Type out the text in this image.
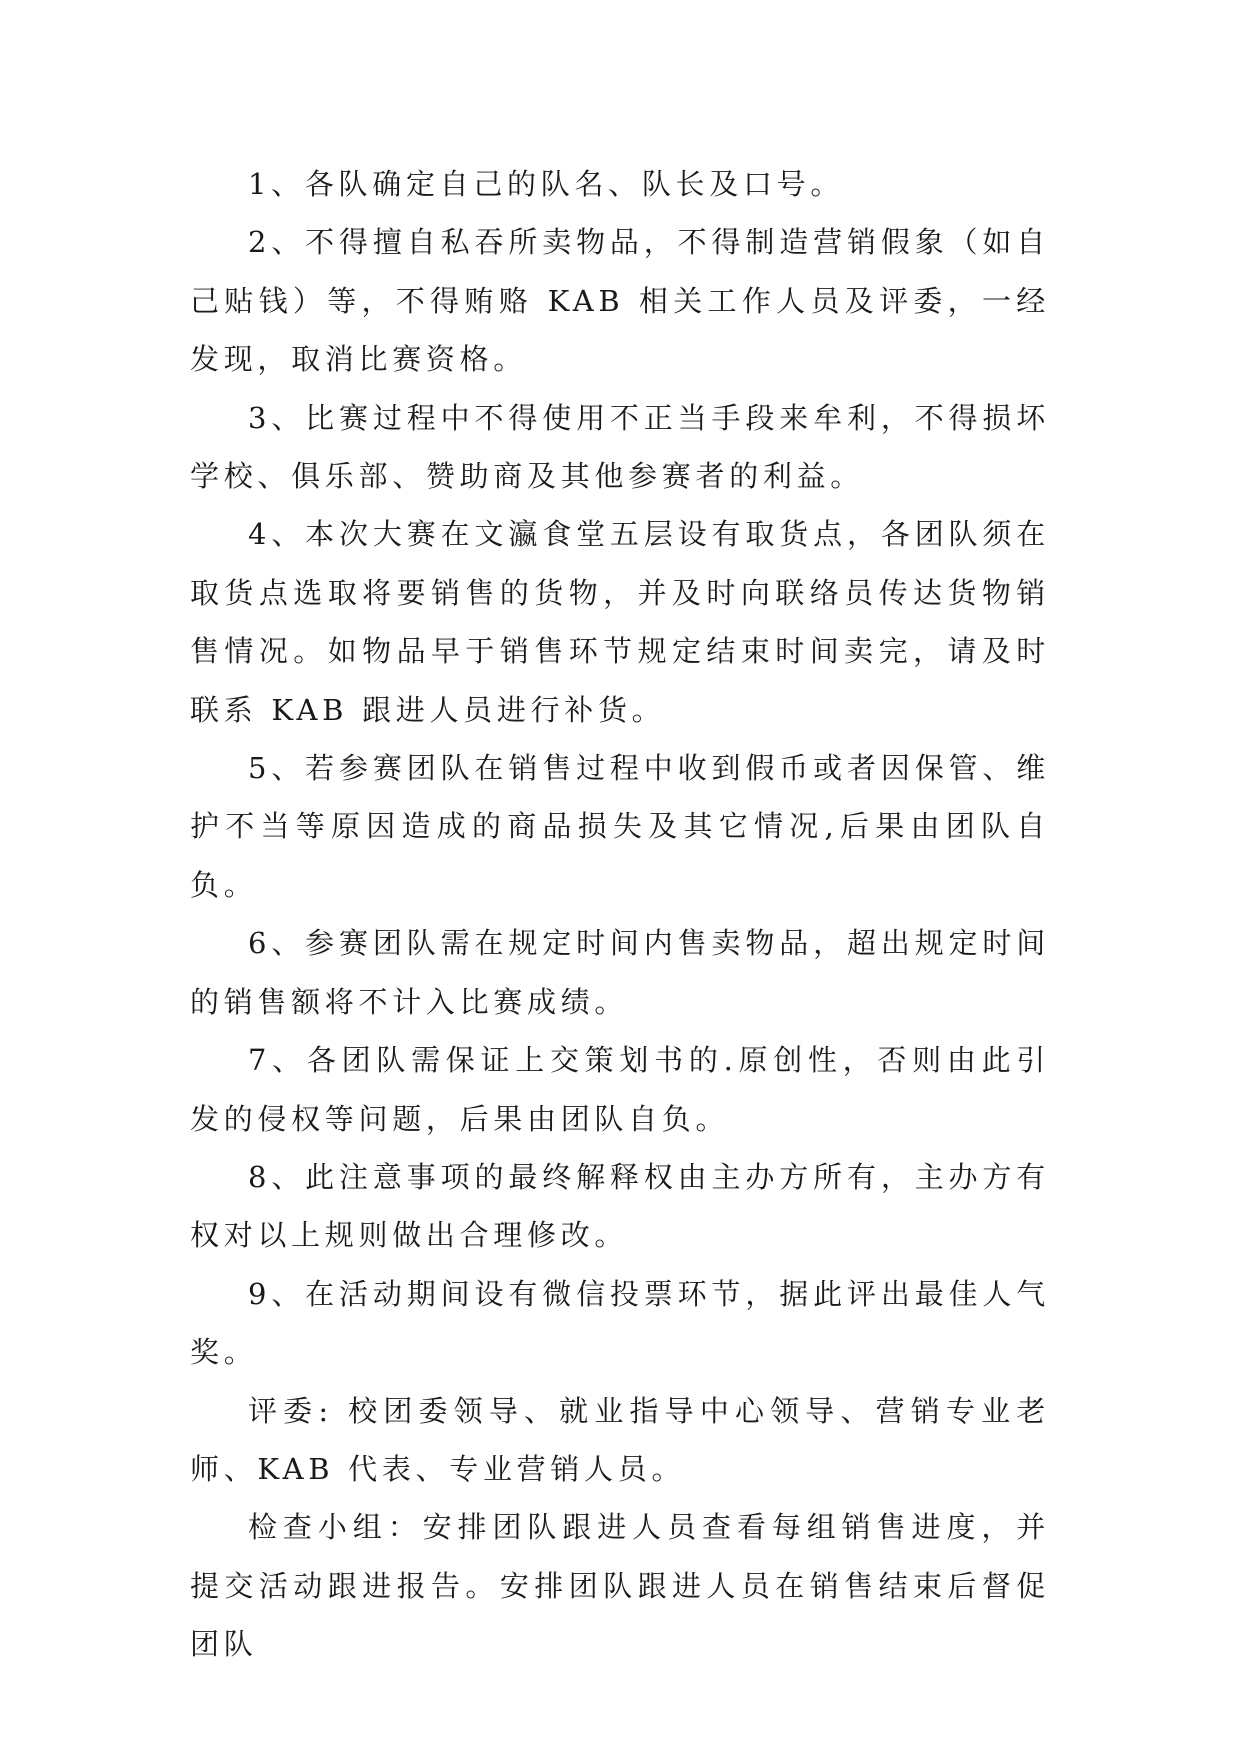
1、各队确定自己的队名、队长及口号。

2、不得擅自私吞所卖物品，不得制造营销假象（如自己贴钱）等，不得贿赂 KAB 相关工作人员及评委，一经发现，取消比赛资格。

3、比赛过程中不得使用不正当手段来牟利，不得损坏学校、俱乐部、赞助商及其他参赛者的利益。

4、本次大赛在文瀛食堂五层设有取货点，各团队须在取货点选取将要销售的货物，并及时向联络员传达货物销售情况。如物品早于销售环节规定结束时间卖完，请及时联系 KAB 跟进人员进行补货。

5、若参赛团队在销售过程中收到假币或者因保管、维护不当等原因造成的商品损失及其它情况,后果由团队自负。

6、参赛团队需在规定时间内售卖物品，超出规定时间的销售额将不计入比赛成绩。

7、各团队需保证上交策划书的.原创性，否则由此引发的侵权等问题，后果由团队自负。

8、此注意事项的最终解释权由主办方所有，主办方有权对以上规则做出合理修改。

9、在活动期间设有微信投票环节，据此评出最佳人气奖。

评委: 校团委领导、就业指导中心领导、营销专业老师、KAB 代表、专业营销人员。

检查小组：安排团队跟进人员查看每组销售进度，并提交活动跟进报告。安排团队跟进人员在销售结束后督促团队
